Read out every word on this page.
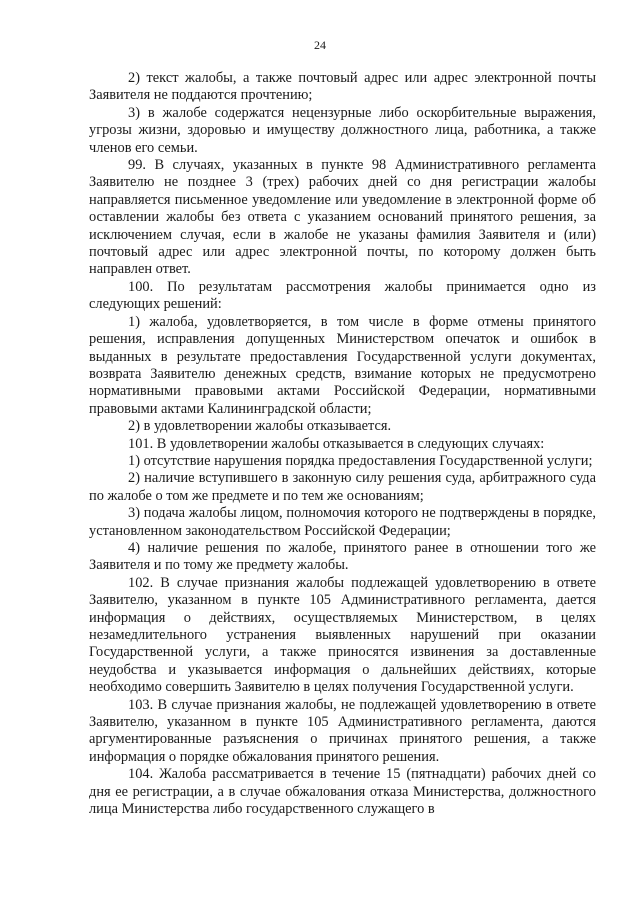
24

2) текст жалобы, а также почтовый адрес или адрес электронной почты Заявителя не поддаются прочтению;

3) в жалобе содержатся нецензурные либо оскорбительные выражения, угрозы жизни, здоровью и имуществу должностного лица, работника, а также членов его семьи.

99. В случаях, указанных в пункте 98 Административного регламента Заявителю не позднее 3 (трех) рабочих дней со дня регистрации жалобы направляется письменное уведомление или уведомление в электронной форме об оставлении жалобы без ответа с указанием оснований принятого решения, за исключением случая, если в жалобе не указаны фамилия Заявителя и (или) почтовый адрес или адрес электронной почты, по которому должен быть направлен ответ.

100. По результатам рассмотрения жалобы принимается одно из следующих решений:

1) жалоба, удовлетворяется, в том числе в форме отмены принятого решения, исправления допущенных Министерством опечаток и ошибок в выданных в результате предоставления Государственной услуги документах, возврата Заявителю денежных средств, взимание которых не предусмотрено нормативными правовыми актами Российской Федерации, нормативными правовыми актами Калининградской области;

2) в удовлетворении жалобы отказывается.

101. В удовлетворении жалобы отказывается в следующих случаях:

1) отсутствие нарушения порядка предоставления Государственной услуги;

2) наличие вступившего в законную силу решения суда, арбитражного суда по жалобе о том же предмете и по тем же основаниям;

3) подача жалобы лицом, полномочия которого не подтверждены в порядке, установленном законодательством Российской Федерации;

4) наличие решения по жалобе, принятого ранее в отношении того же Заявителя и по тому же предмету жалобы.

102. В случае признания жалобы подлежащей удовлетворению в ответе Заявителю, указанном в пункте 105 Административного регламента, дается информация о действиях, осуществляемых Министерством, в целях незамедлительного устранения выявленных нарушений при оказании Государственной услуги, а также приносятся извинения за доставленные неудобства и указывается информация о дальнейших действиях, которые необходимо совершить Заявителю в целях получения Государственной услуги.

103. В случае признания жалобы, не подлежащей удовлетворению в ответе Заявителю, указанном в пункте 105 Административного регламента, даются аргументированные разъяснения о причинах принятого решения, а также информация о порядке обжалования принятого решения.

104. Жалоба рассматривается в течение 15 (пятнадцати) рабочих дней со дня ее регистрации, а в случае обжалования отказа Министерства, должностного лица Министерства либо государственного служащего в
